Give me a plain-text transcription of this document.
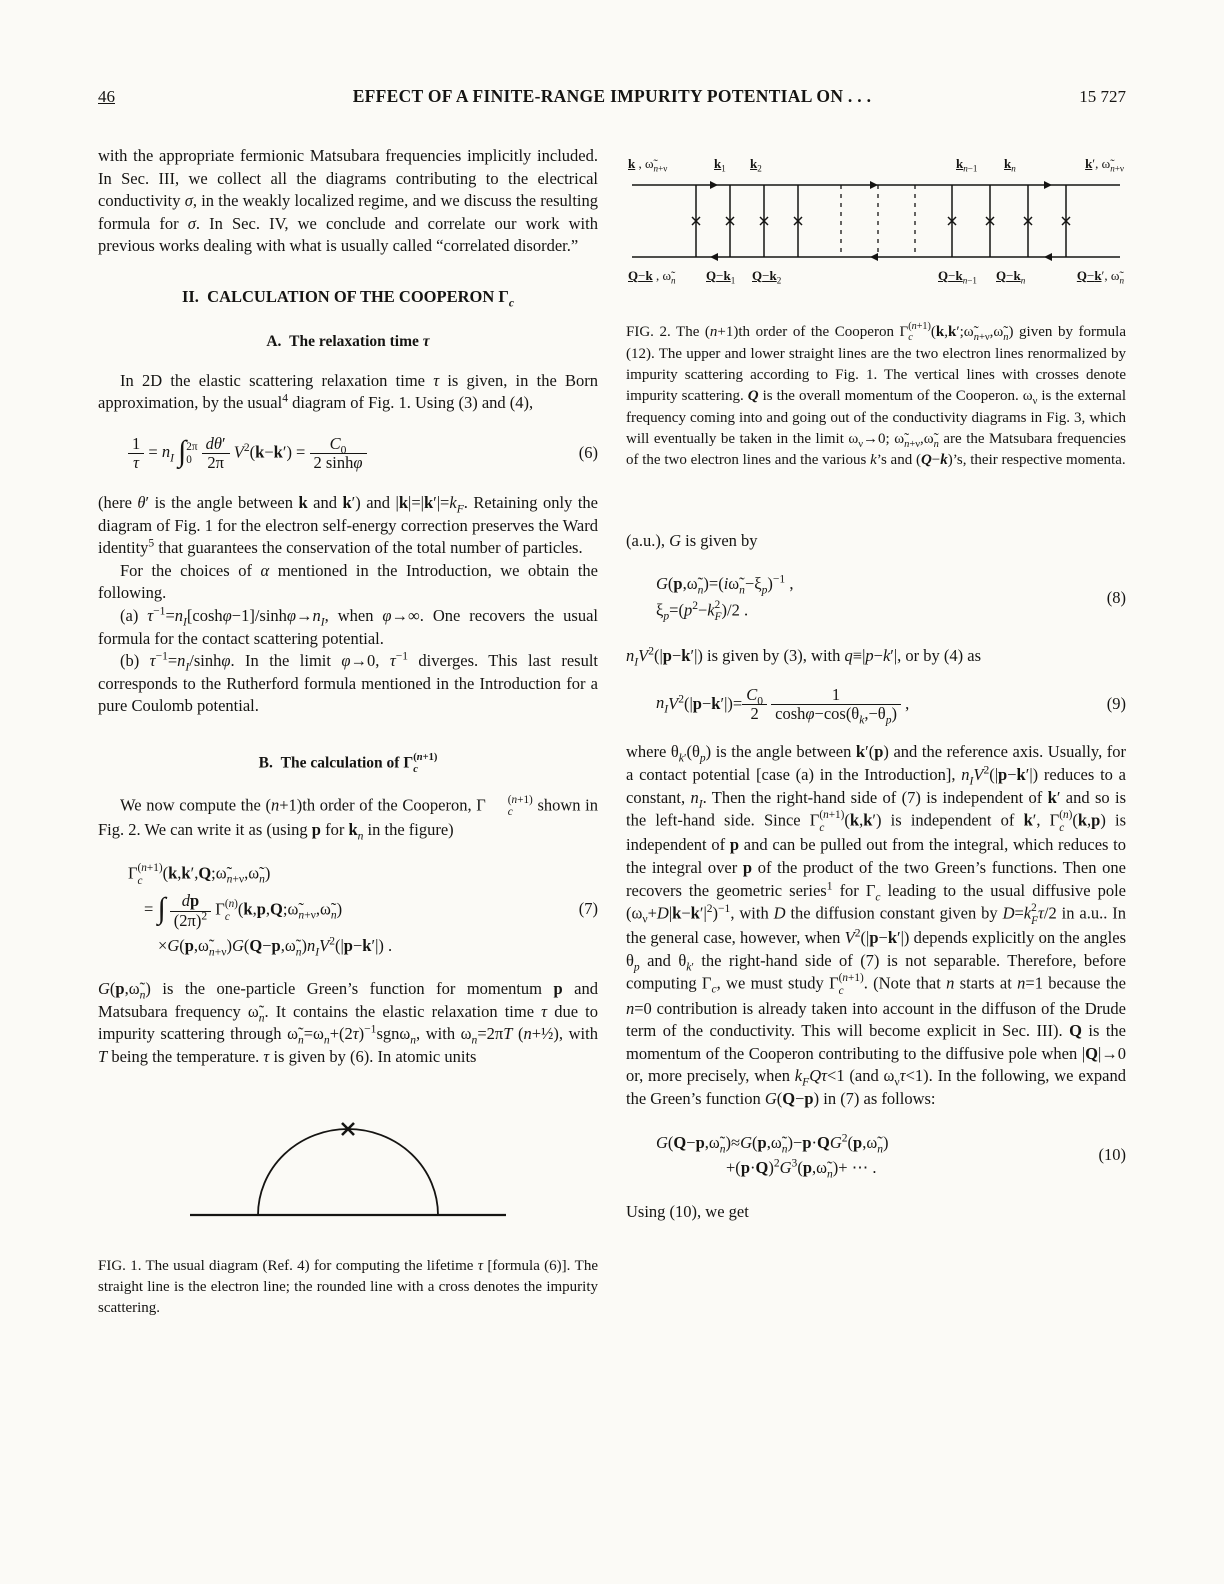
46	EFFECT OF A FINITE-RANGE IMPURITY POTENTIAL ON . . .	15 727

with the appropriate fermionic Matsubara frequencies implicitly included. In Sec. III, we collect all the diagrams contributing to the electrical conductivity σ, in the weakly localized regime, and we discuss the resulting formula for σ. In Sec. IV, we conclude and correlate our work with previous works dealing with what is usually called “correlated disorder.”

II.  CALCULATION OF THE COOPERON $\Gamma_c$
A.  The relaxation time τ

In 2D the elastic scattering relaxation time τ is given, in the Born approximation, by the usual$^4$ diagram of Fig. 1. Using (3) and (4),

$\frac{1}{\tau} = n_I$ ∫ 2π
0
$\frac{d\theta'}{2\pi} V^2(k-k') = \frac{C_0}{2 \sinh\varphi}$	(6)

(here θ′ is the angle between k and k′) and $|k|=|k'|=k_F$. Retaining only the diagram of Fig. 1 for the electron self-energy correction preserves the Ward identity$^5$ that guarantees the conservation of the total number of particles.

For the choices of α mentioned in the Introduction, we obtain the following.

(a) $\tau^{-1}=n_I[\cosh\varphi-1]/\sinh\varphi\to n_I$, when φ→∞. One recovers the usual formula for the contact scattering potential.

(b) $\tau^{-1}=n_I$/sinhφ. In the limit φ→0, $\tau^{-1}$ diverges. This last result corresponds to the Rutherford formula mentioned in the Introduction for a pure Coulomb potential.

B.  The calculation of Γ (n+1)
c

We now compute the (n+1)th order of the Cooperon, Γ	(n+1)
c	shown in Fig. 2. We can write it as (using p for $k_n$ in the figure)

Γ (n+1)
c	$(k,k',Q;\omegã_{n+\nu},\omegã_n)$
= ∫ $\frac{dp}{(2\pi)^2}$ Γ (n)
c $(k,p,Q;\omegã_{n+\nu},\omegã_n)$
$\times G(p,\omegã_{n+\nu})G(Q-p,\omegã_n)n_IV^2(|p-k'|)$ .
(7)

$G(p,\omegã_n)$ is the one-particle Green’s function for momentum p and Matsubara frequency $\omegã_n$. It contains the elastic relaxation time τ due to impurity scattering through $\omegã_n=\omega_n+(2\tau)^{-1}sgn\omega_n$, with $\omega_n=2\pi T$ (n+½), with T being the temperature. τ is given by (6). In atomic units

FIG. 1. The usual diagram (Ref. 4) for computing the lifetime τ [formula (6)]. The straight line is the electron line; the rounded line with a cross denotes the impurity scattering.
k , $\omegã_{n+\nu}$	$k_1$ $k_2$	$k_{n-1}$ $k_n$	k′, $\omegã_{n+\nu}$
Q−k , $\omegã_n$ $Q-k_1$ $Q-k_2$	$Q-k_{n-1}$ $Q-k_n$	Q−k′, $\omegã_n$
FIG. 2. The (n+1)th order of the Cooperon Γ (n+1)
c	$(k,k';\omegã_{n+\nu},\omegã_n)$ given by formula (12). The upper and lower straight lines are the two electron lines renormalized by impurity scattering according to Fig. 1. The vertical lines with crosses denote impurity scattering. Q is the overall momentum of the Cooperon. $\omega_\nu$ is the external frequency coming into and going out of the conductivity diagrams in Fig. 3, which will eventually be taken in the limit $\omega_\nu\to 0$; $\omegã_{n+\nu},\omegã_n$ are the Matsubara frequencies of the two electron lines and the various k’s and (Q−k)’s, their respective momenta.

(a.u.), G is given by

$G(p,\omegã_n)=(i\omegã_n-\xi_p)^{-1}$ ,
$\xi_p=(p^2-k$ 2
F )/2 .
(8)

$n_IV^2(|p-k'|)$ is given by (3), with q≡|p−k′|, or by (4) as

$n_IV^2(|p-k'|)= \frac{C_0}{2}$
$\frac{1}{\cosh\varphi-\cos(\theta_k,-\theta_p)}$ ,	(9)

where $\theta_{k'}(\theta_p)$ is the angle between k′(p) and the reference axis. Usually, for a contact potential [case (a) in the Introduction], $n_IV^2(|p-k'|)$ reduces to a constant, $n_I$. Then the right-hand side of (7) is independent of k′ and so is the left-hand side. Since Γ (n+1)
c	(k,k′) is independent of k′, Γ (n)
c (k,p) is independent of p and can be pulled out from the integral, which reduces to the integral over p of the product of the two Green’s functions. Then one recovers the geometric series$^1$ for $\Gamma_c$ leading to the usual diffusive pole $(\omega_\nu+D|k-k'|^2)^{-1}$, with D the diffusion constant given by D=k 2
F τ/2 in a.u.. In the general case, however, when $V^2(|p-k'|)$ depends explicitly on the angles $\theta_p$ and $\theta_{k'}$ the right-hand side of (7) is not separable. Therefore, before computing $\Gamma_c$, we must study Γ (n+1)
c	. (Note that n starts at n=1 because the n=0 contribution is already taken into account in the diffuson of the Drude term of the conductivity. This will become explicit in Sec. III). Q is the momentum of the Cooperon contributing to the diffusive pole when |Q|→0 or, more precisely, when $k_FQ\tau<1$ (and $\omega_\nu\tau<1$). In the following, we expand the Green’s function G(Q−p) in (7) as follows:

$G(Q-p,\omegã_n)\approx G(p,\omegã_n)-p\cdot QG^2(p,\omegã_n)$
$+(p\cdot Q)^2G^3(p,\omegã_n)+$ ⋯ .
(10)

Using (10), we get
